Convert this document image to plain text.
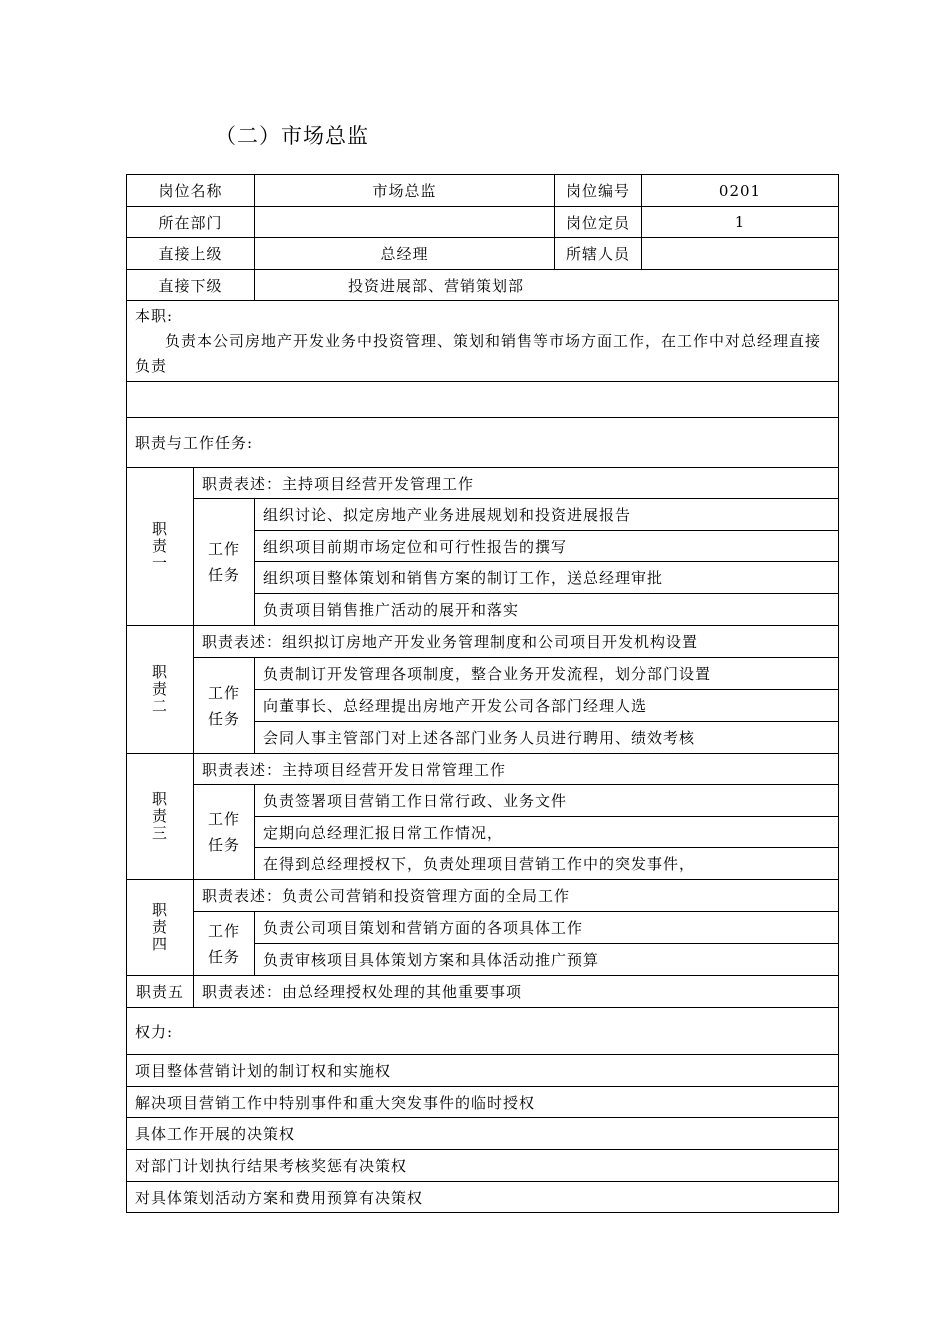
（二）市场总监
岗位名称		市场总监	岗位编号	0201
所在部门			岗位定员	1
直接上级		总经理	所辖人员	
直接下级		投资进展部、营销策划部		

本职:
负责本公司房地产开发业务中投资管理、策划和销售等市场方面工作，在工作中对总经理直接负责				

职责与工作任务:				

职
责
一	职责表述：主持项目经营开发管理工作			

	工作
任务	组织讨论、拟定房地产业务进展规划和投资进展报告		
		组织项目前期市场定位和可行性报告的撰写		
		组织项目整体策划和销售方案的制订工作，送总经理审批		
		负责项目销售推广活动的展开和落实		

职
责
二	职责表述：组织拟订房地产开发业务管理制度和公司项目开发机构设置			

	工作
任务	负责制订开发管理各项制度，整合业务开发流程，划分部门设置		
		向董事长、总经理提出房地产开发公司各部门经理人选		
		会同人事主管部门对上述各部门业务人员进行聘用、绩效考核		

职
责
三	职责表述：主持项目经营开发日常管理工作			

	工作
任务	负责签署项目营销工作日常行政、业务文件		
		定期向总经理汇报日常工作情况，		
		在得到总经理授权下，负责处理项目营销工作中的突发事件，		

职
责
四	职责表述：负责公司营销和投资管理方面的全局工作			

	工作
任务	负责公司项目策划和营销方面的各项具体工作		
		负责审核项目具体策划方案和具体活动推广预算		
职责五	职责表述：由总经理授权处理的其他重要事项			
权力:				
项目整体营销计划的制订权和实施权				
解决项目营销工作中特别事件和重大突发事件的临时授权				
具体工作开展的决策权				
对部门计划执行结果考核奖惩有决策权				
对具体策划活动方案和费用预算有决策权				
